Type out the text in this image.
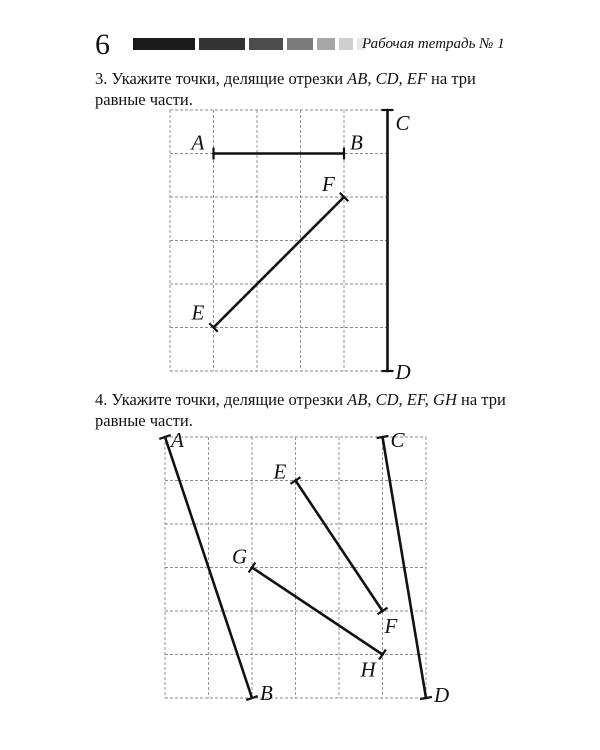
6	Рабочая тетрадь № 1
3. Укажите точки, делящие отрезки AB, CD, EF на три равные части.
A	B
C
D
E
F
4. Укажите точки, делящие отрезки AB, CD, EF, GH на три равные части.
A
B
C
D
E
F
G
H
